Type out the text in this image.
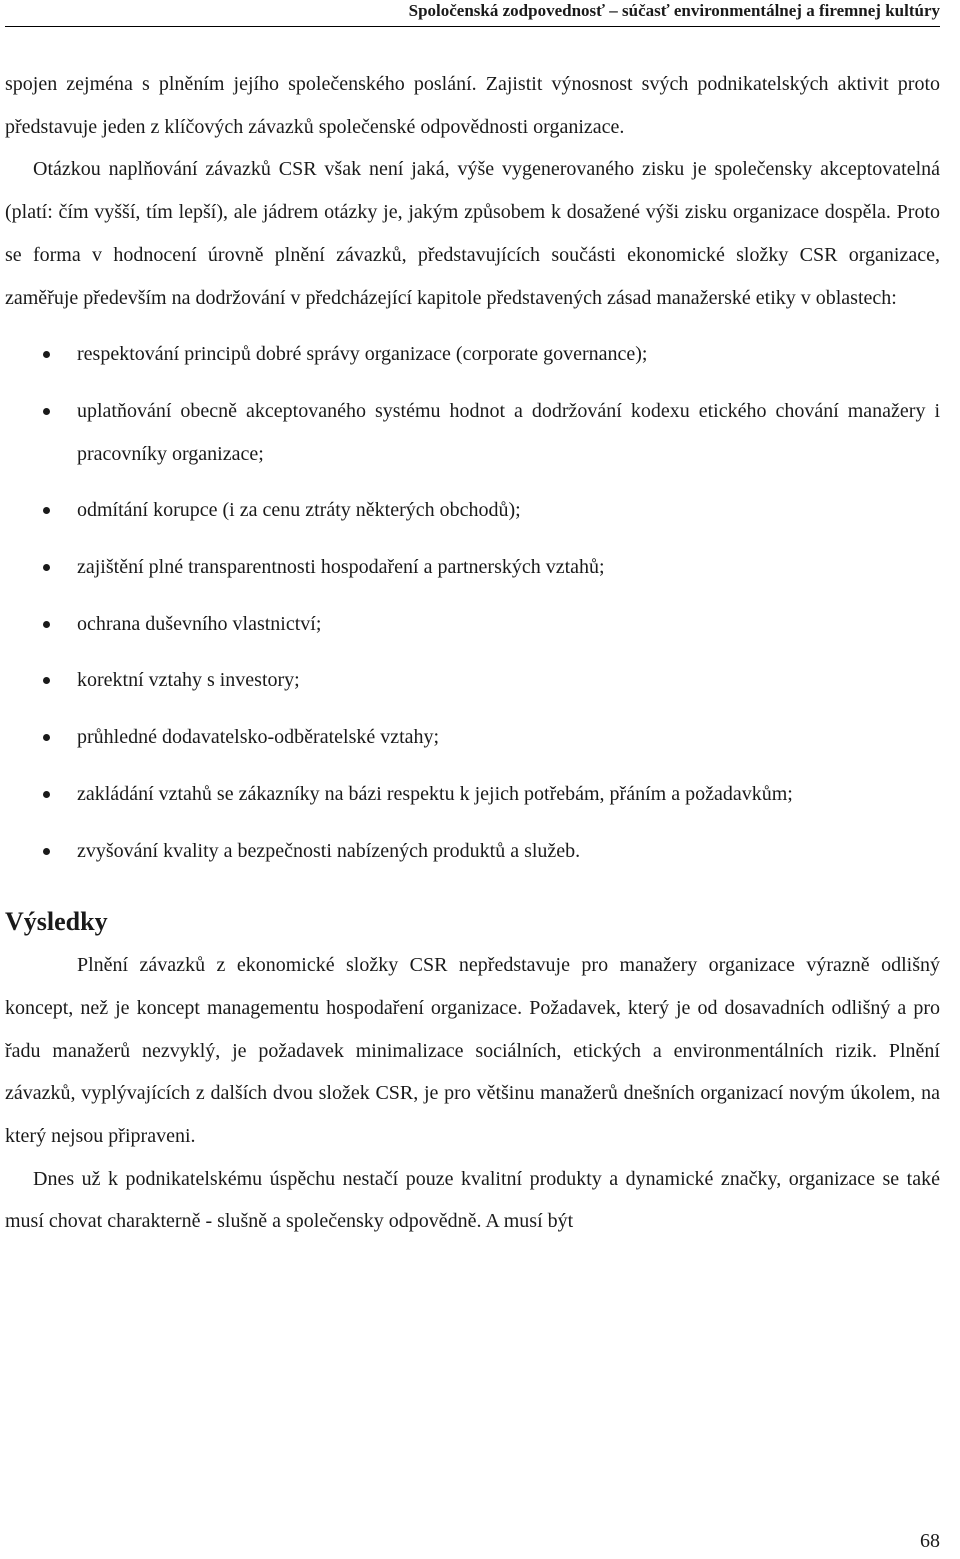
Spoločenská zodpovednosť – súčasť environmentálnej a firemnej kultúry

spojen zejména s plněním jejího společenského poslání. Zajistit výnosnost svých podnikatelských aktivit proto představuje jeden z klíčových závazků společenské odpovědnosti organizace.

Otázkou naplňování závazků CSR však není jaká, výše vygenerovaného zisku je společensky akceptovatelná (platí: čím vyšší, tím lepší), ale jádrem otázky je, jakým způsobem k dosažené výši zisku organizace dospěla. Proto se forma v hodnocení úrovně plnění závazků, představujících součásti ekonomické složky CSR organizace, zaměřuje především na dodržování v předcházející kapitole představených zásad manažerské etiky v oblastech:

respektování principů dobré správy organizace (corporate governance);
uplatňování obecně akceptovaného systému hodnot a dodržování kodexu etického chování manažery i pracovníky organizace;
odmítání korupce (i za cenu ztráty některých obchodů);
zajištění plné transparentnosti hospodaření a partnerských vztahů;
ochrana duševního vlastnictví;
korektní vztahy s investory;
průhledné dodavatelsko-odběratelské vztahy;
zakládání vztahů se zákazníky na bázi respektu k jejich potřebám, přáním a požadavkům;
zvyšování kvality a bezpečnosti nabízených produktů a služeb.
Výsledky

Plnění závazků z ekonomické složky CSR nepředstavuje pro manažery organizace výrazně odlišný koncept, než je koncept managementu hospodaření organizace. Požadavek, který je od dosavadních odlišný a pro řadu manažerů nezvyklý, je požadavek minimalizace sociálních, etických a environmentálních rizik. Plnění závazků, vyplývajících z dalších dvou složek CSR, je pro většinu manažerů dnešních organizací novým úkolem, na který nejsou připraveni.

Dnes už k podnikatelskému úspěchu nestačí pouze kvalitní produkty a dynamické značky, organizace se také musí chovat charakterně - slušně a společensky odpovědně. A musí být

68
